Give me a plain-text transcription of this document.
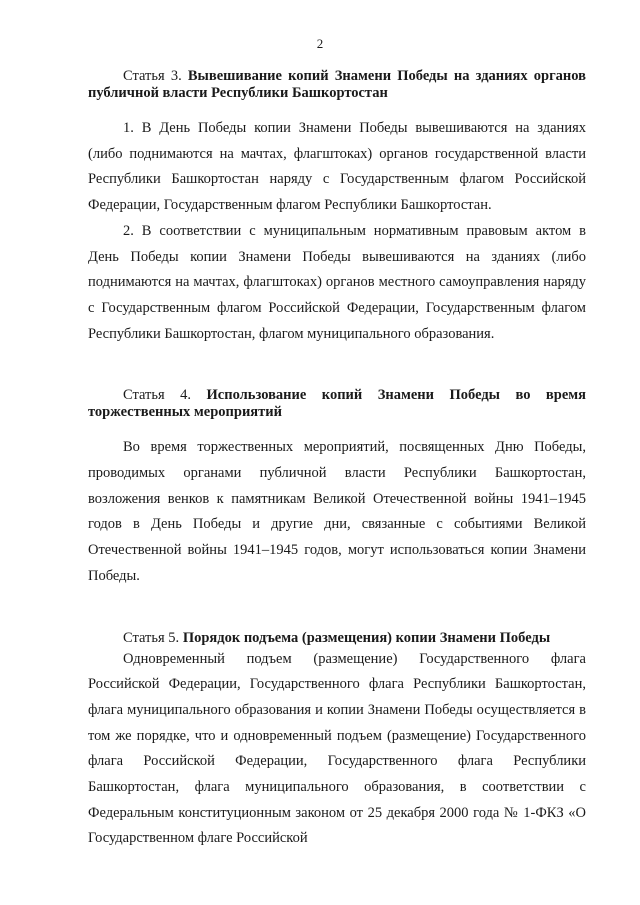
2

Статья 3. Вывешивание копий Знамени Победы на зданиях органов публичной власти Республики Башкортостан

1. В День Победы копии Знамени Победы вывешиваются на зданиях (либо поднимаются на мачтах, флагштоках) органов государственной власти Республики Башкортостан наряду с Государственным флагом Российской Федерации, Государственным флагом Республики Башкортостан.

2. В соответствии с муниципальным нормативным правовым актом в День Победы копии Знамени Победы вывешиваются на зданиях (либо поднимаются на мачтах, флагштоках) органов местного самоуправления наряду с Государственным флагом Российской Федерации, Государственным флагом Республики Башкортостан, флагом муниципального образования.

Статья 4. Использование копий Знамени Победы во время торжественных мероприятий

Во время торжественных мероприятий, посвященных Дню Победы, проводимых органами публичной власти Республики Башкортостан, возложения венков к памятникам Великой Отечественной войны 1941–1945 годов в День Победы и другие дни, связанные с событиями Великой Отечественной войны 1941–1945 годов, могут использоваться копии Знамени Победы.

Статья 5. Порядок подъема (размещения) копии Знамени Победы

Одновременный подъем (размещение) Государственного флага Российской Федерации, Государственного флага Республики Башкортостан, флага муниципального образования и копии Знамени Победы осуществляется в том же порядке, что и одновременный подъем (размещение) Государственного флага Российской Федерации, Государственного флага Республики Башкортостан, флага муниципального образования, в соответствии с Федеральным конституционным законом от 25 декабря 2000 года № 1-ФКЗ «О Государственном флаге Российской
